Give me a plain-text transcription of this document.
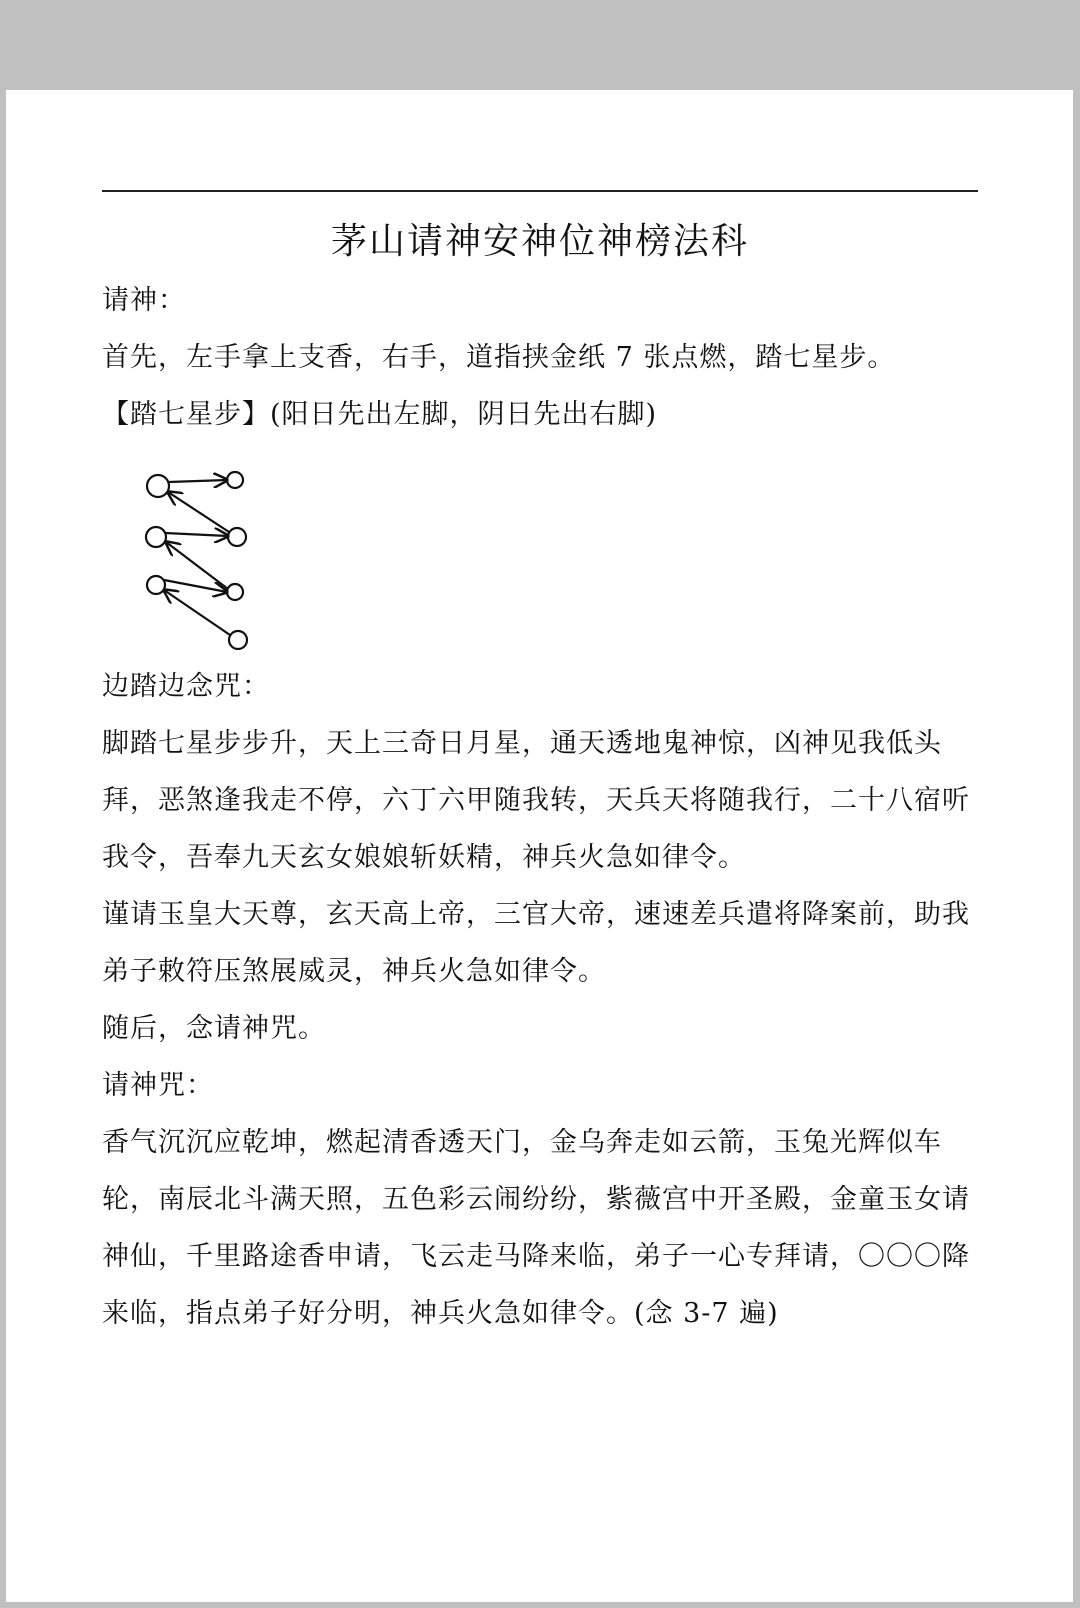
茅山请神安神位神榜法科
请神：
首先，左手拿上支香，右手，道指挟金纸 7 张点燃，踏七星步。
【踏七星步】(阳日先出左脚，阴日先出右脚)
边踏边念咒：
脚踏七星步步升，天上三奇日月星，通天透地鬼神惊，凶神见我低头拜，恶煞逢我走不停，六丁六甲随我转，天兵天将随我行，二十八宿听我令，吾奉九天玄女娘娘斩妖精，神兵火急如律令。
谨请玉皇大天尊，玄天高上帝，三官大帝，速速差兵遣将降案前，助我弟子敕符压煞展威灵，神兵火急如律令。
随后，念请神咒。
请神咒：
香气沉沉应乾坤，燃起清香透天门，金乌奔走如云箭，玉兔光辉似车轮，南辰北斗满天照，五色彩云闹纷纷，紫薇宫中开圣殿，金童玉女请神仙，千里路途香申请，飞云走马降来临，弟子一心专拜请，〇〇〇降来临，指点弟子好分明，神兵火急如律令。(念 3-7 遍)
